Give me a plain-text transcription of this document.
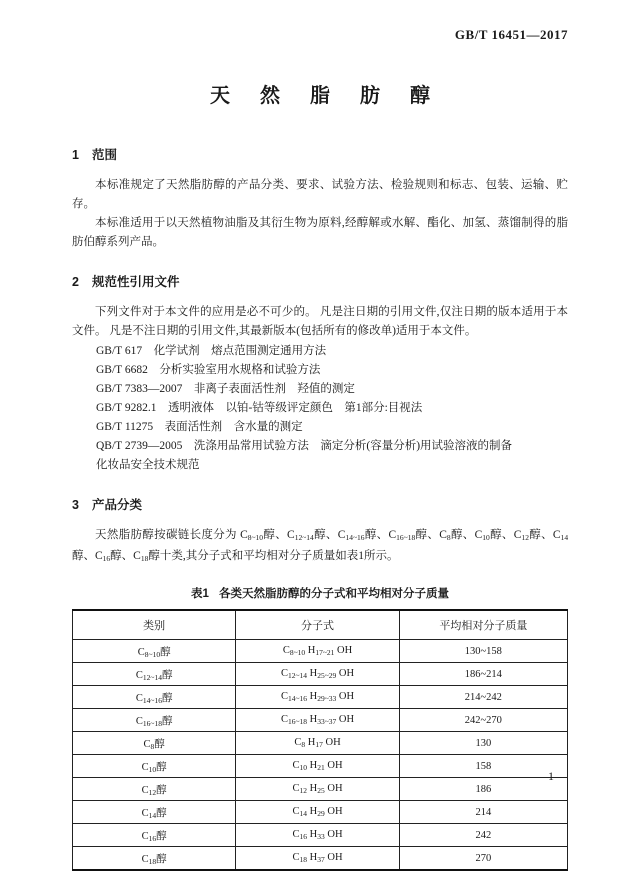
GB/T 16451—2017
天然脂肪醇
1 范围

本标准规定了天然脂肪醇的产品分类、要求、试验方法、检验规则和标志、包装、运输、贮存。

本标准适用于以天然植物油脂及其衍生物为原料,经醇解或水解、酯化、加氢、蒸馏制得的脂肪伯醇系列产品。

2 规范性引用文件

下列文件对于本文件的应用是必不可少的。 凡是注日期的引用文件,仅注日期的版本适用于本文件。 凡是不注日期的引用文件,其最新版本(包括所有的修改单)适用于本文件。

GB/T 617　化学试剂　熔点范围测定通用方法
GB/T 6682　分析实验室用水规格和试验方法
GB/T 7383—2007　非离子表面活性剂　羟值的测定
GB/T 9282.1　透明液体　以铂-钴等级评定颜色　第1部分:目视法
GB/T 11275　表面活性剂　含水量的测定
QB/T 2739—2005　洗涤用品常用试验方法　滴定分析(容量分析)用试验溶液的制备
化妆品安全技术规范
3 产品分类

天然脂肪醇按碳链长度分为 $C_{8\sim 10}$醇、$C_{12\sim 14}$醇、$C_{14\sim 16}$醇、$C_{16\sim 18}$醇、$C_8$醇、$C_{10}$醇、$C_{12}$醇、$C_{14}$醇、$C_{16}$醇、$C_{18}$醇十类,其分子式和平均相对分子质量如表1所示。

表1 各类天然脂肪醇的分子式和平均相对分子质量
类别	分子式	平均相对分子质量
$C_{8\sim 10}$醇	$C_{8\sim 10}$ $H_{17\sim 21}$ OH	130~158
$C_{12\sim 14}$醇	$C_{12\sim 14}$ $H_{25\sim 29}$ OH	186~214
$C_{14\sim 16}$醇	$C_{14\sim 16}$ $H_{29\sim 33}$ OH	214~242
$C_{16\sim 18}$醇	$C_{16\sim 18}$ $H_{33\sim 37}$ OH	242~270
$C_8$醇	$C_8$ $H_{17}$ OH	130
$C_{10}$醇	$C_{10}$ $H_{21}$ OH	158
$C_{12}$醇	$C_{12}$ $H_{25}$ OH	186
$C_{14}$醇	$C_{14}$ $H_{29}$ OH	214
$C_{16}$醇	$C_{16}$ $H_{33}$ OH	242
$C_{18}$醇	$C_{18}$ $H_{37}$ OH	270
1
